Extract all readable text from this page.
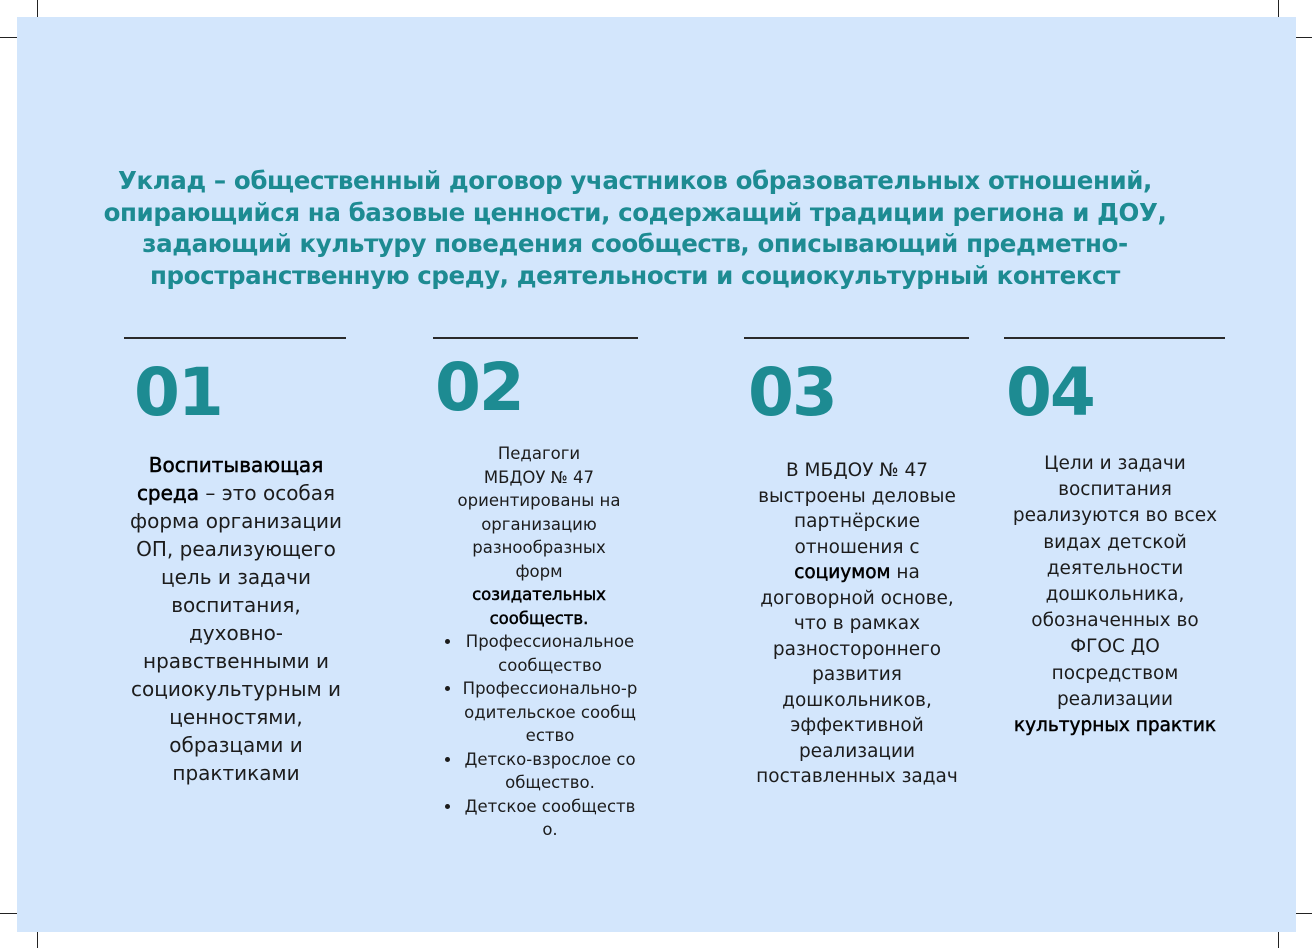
Уклад – общественный договор участников образовательных отношений,
опирающийся на базовые ценности, содержащий традиции региона и ДОУ,
задающий культуру поведения сообществ, описывающий предметно-
пространственную среду, деятельности и социокультурный контекст
01
Воспитывающая среда – это особая форма организации ОП, реализующего цель и задачи воспитания, духовно-нравственными и социокультурным и ценностями, образцами и практиками
02
Педагоги
МБДОУ № 47
ориентированы на
организацию
разнообразных
форм созидательных сообществ.
• Профессиональное сообщество
• Профессионально-родительское сообщество
• Детско-взрослое сообщество.
• Детское сообщество.
03
В МБДОУ № 47 выстроены деловые партнёрские отношения с социумом на договорной основе, что в рамках разностороннего развития дошкольников, эффективной реализации поставленных задач
04
Цели и задачи воспитания реализуются во всех видах детской деятельности дошкольника, обозначенных во ФГОС ДО посредством реализации культурных практик
